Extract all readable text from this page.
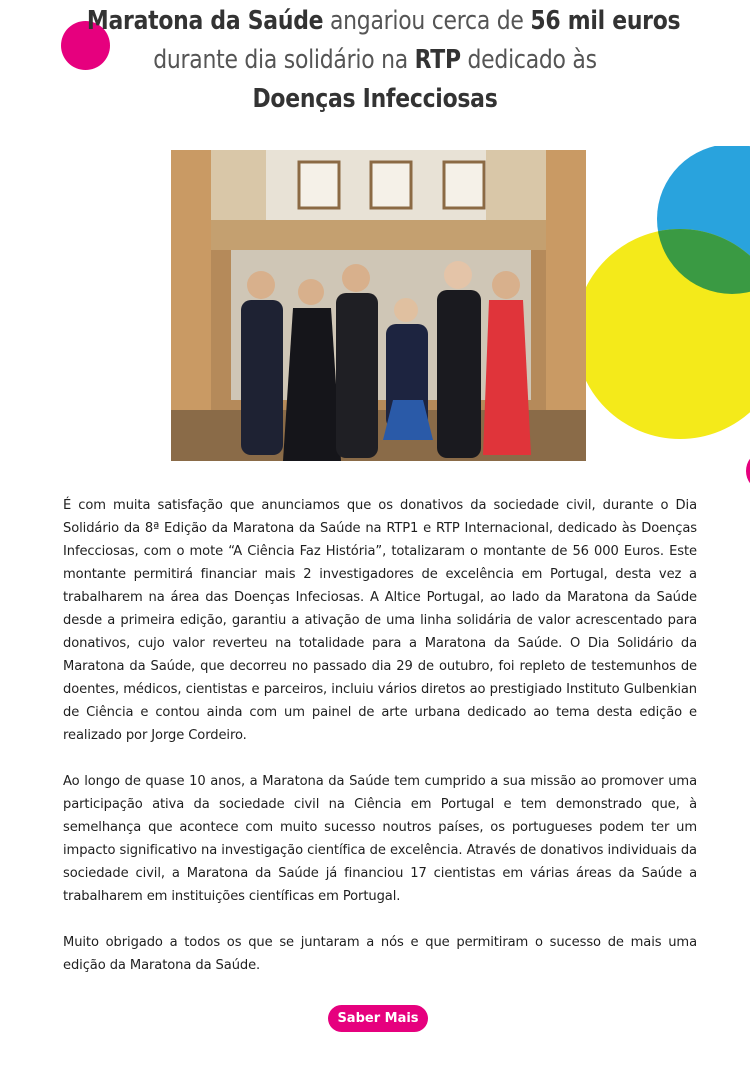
Maratona da Saúde angariou cerca de 56 mil euros
durante dia solidário na RTP dedicado às
Doenças Infecciosas

É com muita satisfação que anunciamos que os donativos da sociedade civil, durante o Dia Solidário da 8ª Edição da Maratona da Saúde na RTP1 e RTP Internacional, dedicado às Doenças Infecciosas, com o mote “A Ciência Faz História”, totalizaram o montante de 56 000 Euros. Este montante permitirá financiar mais 2 investigadores de excelência em Portugal, desta vez a trabalharem na área das Doenças Infeciosas. A Altice Portugal, ao lado da Maratona da Saúde desde a primeira edição, garantiu a ativação de uma linha solidária de valor acrescentado para donativos, cujo valor reverteu na totalidade para a Maratona da Saúde. O Dia Solidário da Maratona da Saúde, que decorreu no passado dia 29 de outubro, foi repleto de testemunhos de doentes, médicos, cientistas e parceiros, incluiu vários diretos ao prestigiado Instituto Gulbenkian de Ciência e contou ainda com um painel de arte urbana dedicado ao tema desta edição e realizado por Jorge Cordeiro.

Ao longo de quase 10 anos, a Maratona da Saúde tem cumprido a sua missão ao promover uma participação ativa da sociedade civil na Ciência em Portugal e tem demonstrado que, à semelhança que acontece com muito sucesso noutros países, os portugueses podem ter um impacto significativo na investigação científica de excelência. Através de donativos individuais da sociedade civil, a Maratona da Saúde já financiou 17 cientistas em várias áreas da Saúde a trabalharem em instituições científicas em Portugal.

Muito obrigado a todos os que se juntaram a nós e que permitiram o sucesso de mais uma edição da Maratona da Saúde.

Saber Mais
